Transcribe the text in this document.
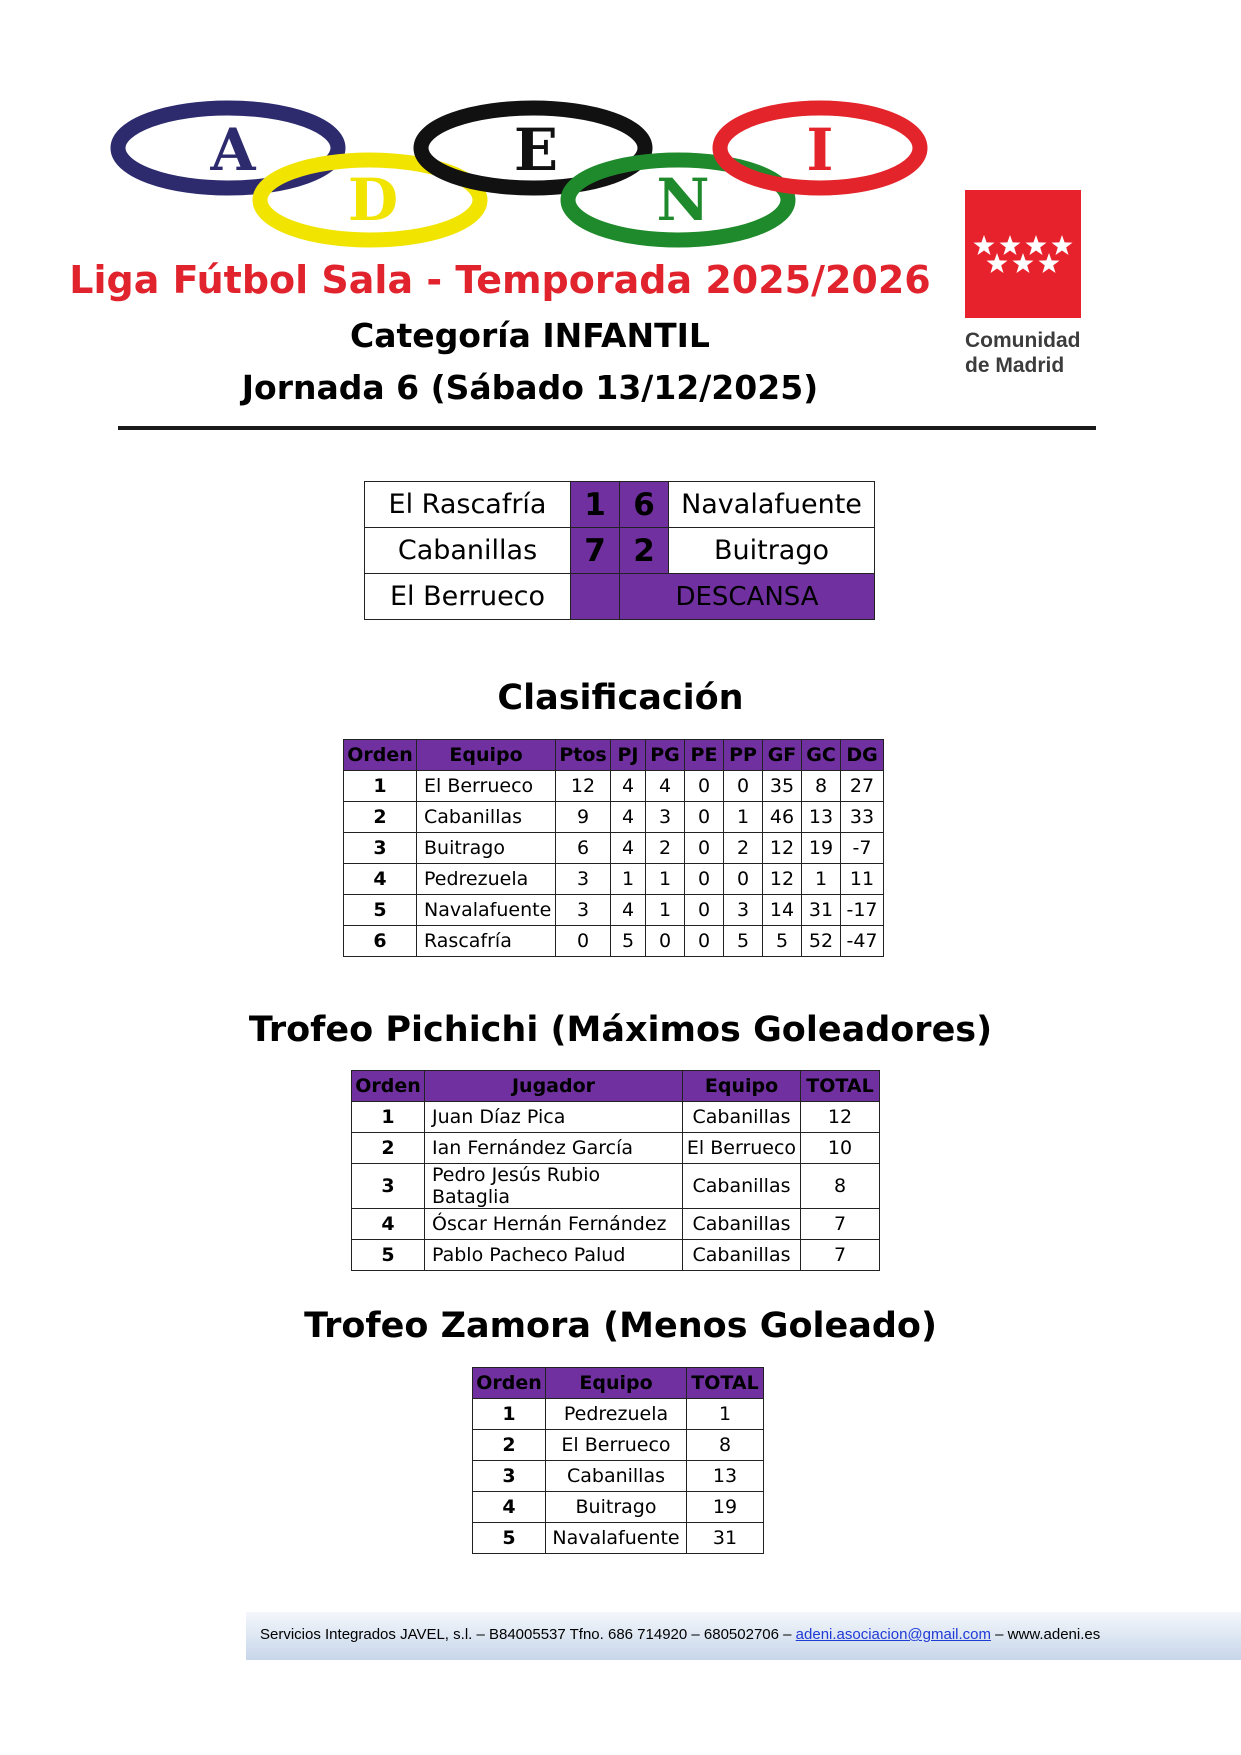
A
D
E
N
I
Comunidad
de Madrid
Liga Fútbol Sala - Temporada 2025/2026
Categoría INFANTIL
Jornada 6 (Sábado 13/12/2025)
El Rascafría	1	6	Navalafuente
Cabanillas	7	2	Buitrago
El Berrueco		DESCANSA	
Clasificación
Orden	Equipo	Ptos	PJ	PG	PE	PP	GF	GC	DG
1	El Berrueco	12	4	4	0	0	35	8	27
2	Cabanillas	9	4	3	0	1	46	13	33
3	Buitrago	6	4	2	0	2	12	19	-7
4	Pedrezuela	3	1	1	0	0	12	1	11
5	Navalafuente	3	4	1	0	3	14	31	-17
6	Rascafría	0	5	0	0	5	5	52	-47
Trofeo Pichichi (Máximos Goleadores)
Orden	Jugador	Equipo	TOTAL
1	Juan Díaz Pica	Cabanillas	12
2	Ian Fernández García	El Berrueco	10
3	Pedro Jesús Rubio Bataglia	Cabanillas	8
4	Óscar Hernán Fernández	Cabanillas	7
5	Pablo Pacheco Palud	Cabanillas	7
Trofeo Zamora (Menos Goleado)
Orden	Equipo	TOTAL
1	Pedrezuela	1
2	El Berrueco	8
3	Cabanillas	13
4	Buitrago	19
5	Navalafuente	31
Servicios Integrados JAVEL, s.l. – B84005537 Tfno. 686 714920 – 680502706 – adeni.asociacion@gmail.com – www.adeni.es
